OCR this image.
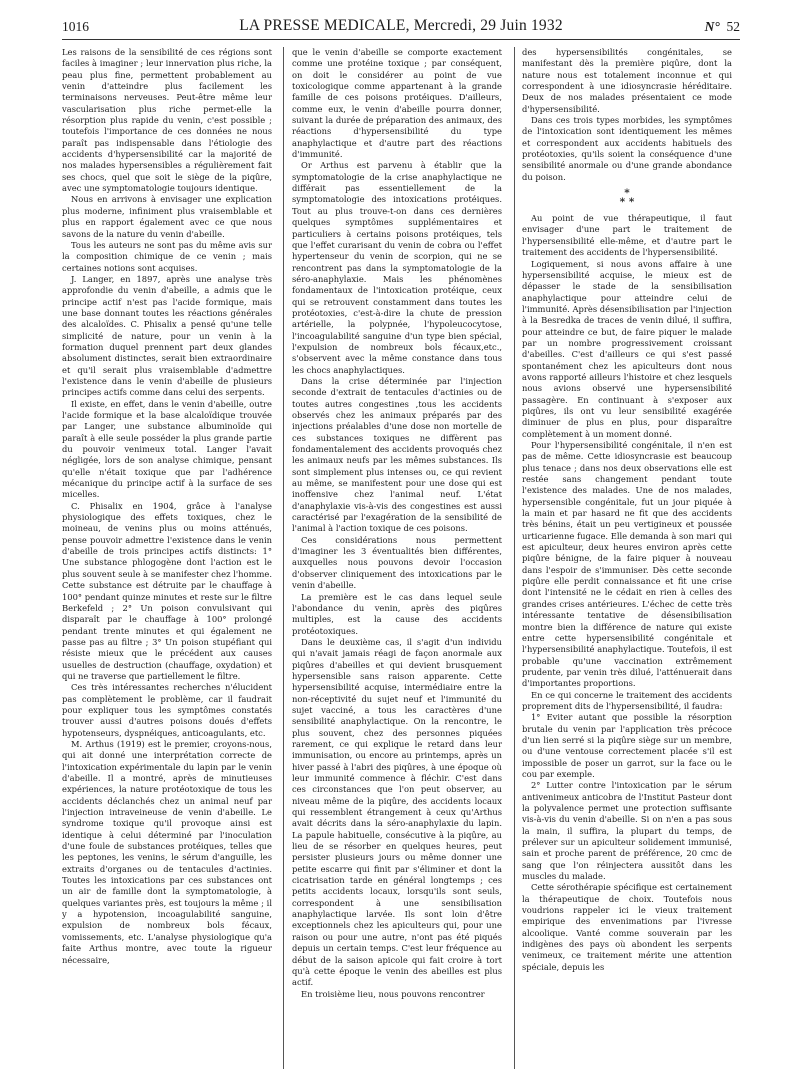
1016	LA PRESSE MEDICALE, Mercredi, 29 Juin 1932	N° 52

Les raisons de la sensibilité de ces régions sont faciles à imaginer ; leur innervation plus riche, la peau plus fine, permettent probablement au venin d'atteindre plus facilement les terminaisons nerveuses. Peut-être même leur vascularisation plus riche permet-elle la résorption plus rapide du venin, c'est possible ; toutefois l'importance de ces données ne nous paraît pas indispensable dans l'étiologie des accidents d'hypersensibilité car la majorité de nos malades hypersensibles a régulièrement fait ses chocs, quel que soit le siège de la piqûre, avec une symptomatologie toujours identique.

Nous en arrivons à envisager une explication plus moderne, infiniment plus vraisemblable et plus en rapport également avec ce que nous savons de la nature du venin d'abeille.

Tous les auteurs ne sont pas du même avis sur la composition chimique de ce venin ; mais certaines notions sont acquises.

J. Langer, en 1897, après une analyse très approfondie du venin d'abeille, a admis que le principe actif n'est pas l'acide formique, mais une base donnant toutes les réactions générales des alcaloïdes. C. Phisalix a pensé qu'une telle simplicité de nature, pour un venin à la formation duquel prennent part deux glandes absolument distinctes, serait bien extraordinaire et qu'il serait plus vraisemblable d'admettre l'existence dans le venin d'abeille de plusieurs principes actifs comme dans celui des serpents.

Il existe, en effet, dans le venin d'abeille, outre l'acide formique et la base alcaloïdique trouvée par Langer, une substance albuminoïde qui paraît à elle seule posséder la plus grande partie du pouvoir venimeux total. Langer l'avait négligée, lors de son analyse chimique, pensant qu'elle n'était toxique que par l'adhérence mécanique du principe actif à la surface de ses micelles.

C. Phisalix en 1904, grâce à l'analyse physiologique des effets toxiques, chez le moineau, de venins plus ou moins atténués, pense pouvoir admettre l'existence dans le venin d'abeille de trois principes actifs distincts: 1° Une substance phlogogène dont l'action est le plus souvent seule à se manifester chez l'homme. Cette substance est détruite par le chauffage à 100° pendant quinze minutes et reste sur le filtre Berkefeld ; 2° Un poison convulsivant qui disparaît par le chauffage à 100° prolongé pendant trente minutes et qui également ne passe pas au filtre ; 3° Un poison stupéfiant qui résiste mieux que le précédent aux causes usuelles de destruction (chauffage, oxydation) et qui ne traverse que partiellement le filtre.

Ces très intéressantes recherches n'élucident pas complètement le problème, car il faudrait pour expliquer tous les symptômes constatés trouver aussi d'autres poisons doués d'effets hypotenseurs, dyspnéiques, anticoagulants, etc.

M. Arthus (1919) est le premier, croyons-nous, qui ait donné une interprétation correcte de l'intoxication expérimentale du lapin par le venin d'abeille. Il a montré, après de minutieuses expériences, la nature protéotoxique de tous les accidents déclanchés chez un animal neuf par l'injection intraveineuse de venin d'abeille. Le syndrome toxique qu'il provoque ainsi est identique à celui déterminé par l'inoculation d'une foule de substances protéiques, telles que les peptones, les venins, le sérum d'anguille, les extraits d'organes ou de tentacules d'actinies. Toutes les intoxications par ces substances ont un air de famille dont la symptomatologie, à quelques variantes près, est toujours la même ; il y a hypotension, incoagulabilité sanguine, expulsion de nombreux bols fécaux, vomissements, etc. L'analyse physiologique qu'a faite Arthus montre, avec toute la rigueur nécessaire,

que le venin d'abeille se comporte exactement comme une protéine toxique ; par conséquent, on doit le considérer au point de vue toxicologique comme appartenant à la grande famille de ces poisons protéiques. D'ailleurs, comme eux, le venin d'abeille pourra donner, suivant la durée de préparation des animaux, des réactions d'hypersensibilité du type anaphylactique et d'autre part des réactions d'immunité.

Or Arthus est parvenu à établir que la symptomatologie de la crise anaphylactique ne différait pas essentiellement de la symptomatologie des intoxications protéiques. Tout au plus trouve-t-on dans ces dernières quelques symptômes supplémentaires et particuliers à certains poisons protéiques, tels que l'effet curarisant du venin de cobra ou l'effet hypertenseur du venin de scorpion, qui ne se rencontrent pas dans la symptomatologie de la séro-anaphylaxie. Mais les phénomènes fondamentaux de l'intoxication protéique, ceux qui se retrouvent constamment dans toutes les protéotoxies, c'est-à-dire la chute de pression artérielle, la polypnée, l'hypoleucocytose, l'incoagulabilité sanguine d'un type bien spécial, l'expulsion de nombreux bols fécaux,etc., s'observent avec la même constance dans tous les chocs anaphylactiques.

Dans la crise déterminée par l'injection seconde d'extrait de tentacules d'actinies ou de toutes autres congestines ,tous les accidents observés chez les animaux préparés par des injections préalables d'une dose non mortelle de ces substances toxiques ne diffèrent pas fondamentalement des accidents provoqués chez les animaux neufs par les mêmes substances. Ils sont simplement plus intenses ou, ce qui revient au même, se manifestent pour une dose qui est inoffensive chez l'animal neuf. L'état d'anaphylaxie vis-à-vis des congestines est aussi caractérisé par l'exagération de la sensibilité de l'animal à l'action toxique de ces poisons.

Ces considérations nous permettent d'imaginer les 3 éventualités bien différentes, auxquelles nous pouvons devoir l'occasion d'observer cliniquement des intoxications par le venin d'abeille.

La première est le cas dans lequel seule l'abondance du venin, après des piqûres multiples, est la cause des accidents protéotoxiques.

Dans le deuxième cas, il s'agit d'un individu qui n'avait jamais réagi de façon anormale aux piqûres d'abeilles et qui devient brusquement hypersensible sans raison apparente. Cette hypersensibilité acquise, intermédiaire entre la non-réceptivité du sujet neuf et l'immunité du sujet vacciné, a tous les caractères d'une sensibilité anaphylactique. On la rencontre, le plus souvent, chez des personnes piquées rarement, ce qui explique le retard dans leur immunisation, ou encore au printemps, après un hiver passé à l'abri des piqûres, à une époque où leur immunité commence à fléchir. C'est dans ces circonstances que l'on peut observer, au niveau même de la piqûre, des accidents locaux qui ressemblent étrangement à ceux qu'Arthus avait décrits dans la séro-anaphylaxie du lapin. La papule habituelle, consécutive à la piqûre, au lieu de se résorber en quelques heures, peut persister plusieurs jours ou même donner une petite escarre qui finit par s'éliminer et dont la cicatrisation tarde en général longtemps ; ces petits accidents locaux, lorsqu'ils sont seuls, correspondent à une sensibilisation anaphylactique larvée. Ils sont loin d'être exceptionnels chez les apiculteurs qui, pour une raison ou pour une autre, n'ont pas été piqués depuis un certain temps. C'est leur fréquence au début de la saison apicole qui fait croire à tort qu'à cette époque le venin des abeilles est plus actif.

En troisième lieu, nous pouvons rencontrer

des hypersensibilités congénitales, se manifestant dès la première piqûre, dont la nature nous est totalement inconnue et qui correspondent à une idiosyncrasie héréditaire. Deux de nos malades présentaient ce mode d'hypersensibilité.

Dans ces trois types morbides, les symptômes de l'intoxication sont identiquement les mêmes et correspondent aux accidents habituels des protéotoxies, qu'ils soient la conséquence d'une sensibilité anormale ou d'une grande abondance du poison.

*
* *

Au point de vue thérapeutique, il faut envisager d'une part le traitement de l'hypersensibilité elle-même, et d'autre part le traitement des accidents de l'hypersensibilité.

Logiquement, si nous avons affaire à une hypersensibilité acquise, le mieux est de dépasser le stade de la sensibilisation anaphylactique pour atteindre celui de l'immunité. Après désensibilisation par l'injection à la Besredka de traces de venin dilué, il suffira, pour atteindre ce but, de faire piquer le malade par un nombre progressivement croissant d'abeilles. C'est d'ailleurs ce qui s'est passé spontanément chez les apiculteurs dont nous avons rapporté ailleurs l'histoire et chez lesquels nous avions observé une hypersensibilité passagère. En continuant à s'exposer aux piqûres, ils ont vu leur sensibilité exagérée diminuer de plus en plus, pour disparaître complètement à un moment donné.

Pour l'hypersensibilité congénitale, il n'en est pas de même. Cette idiosyncrasie est beaucoup plus tenace ; dans nos deux observations elle est restée sans changement pendant toute l'existence des malades. Une de nos malades, hypersensible congénitale, fut un jour piquée à la main et par hasard ne fit que des accidents très bénins, était un peu vertigineux et poussée urticarienne fugace. Elle demanda à son mari qui est apiculteur, deux heures environ après cette piqûre bénigne, de la faire piquer à nouveau dans l'espoir de s'immuniser. Dès cette seconde piqûre elle perdit connaissance et fit une crise dont l'intensité ne le cédait en rien à celles des grandes crises antérieures. L'échec de cette très intéressante tentative de désensibilisation montre bien la différence de nature qui existe entre cette hypersensibilité congénitale et l'hypersensibilité anaphylactique. Toutefois, il est probable qu'une vaccination extrêmement prudente, par venin très dilué, l'atténuerait dans d'importantes proportions.

En ce qui concerne le traitement des accidents proprement dits de l'hypersensibilité, il faudra:

1° Eviter autant que possible la résorption brutale du venin par l'application très précoce d'un lien serré si la piqûre siège sur un membre, ou d'une ventouse correctement placée s'il est impossible de poser un garrot, sur la face ou le cou par exemple.

2° Lutter contre l'intoxication par le sérum antivenimeux anticobra de l'Institut Pasteur dont la polyvalence permet une protection suffisante vis-à-vis du venin d'abeille. Si on n'en a pas sous la main, il suffira, la plupart du temps, de prélever sur un apiculteur solidement immunisé, sain et proche parent de préférence, 20 cmc de sang que l'on réinjectera aussitôt dans les muscles du malade.

Cette sérothérapie spécifique est certainement la thérapeutique de choix. Toutefois nous voudrions rappeler ici le vieux traitement empirique des envenimations par l'ivresse alcoolique. Vanté comme souverain par les indigènes des pays où abondent les serpents venimeux, ce traitement mérite une attention spéciale, depuis les
